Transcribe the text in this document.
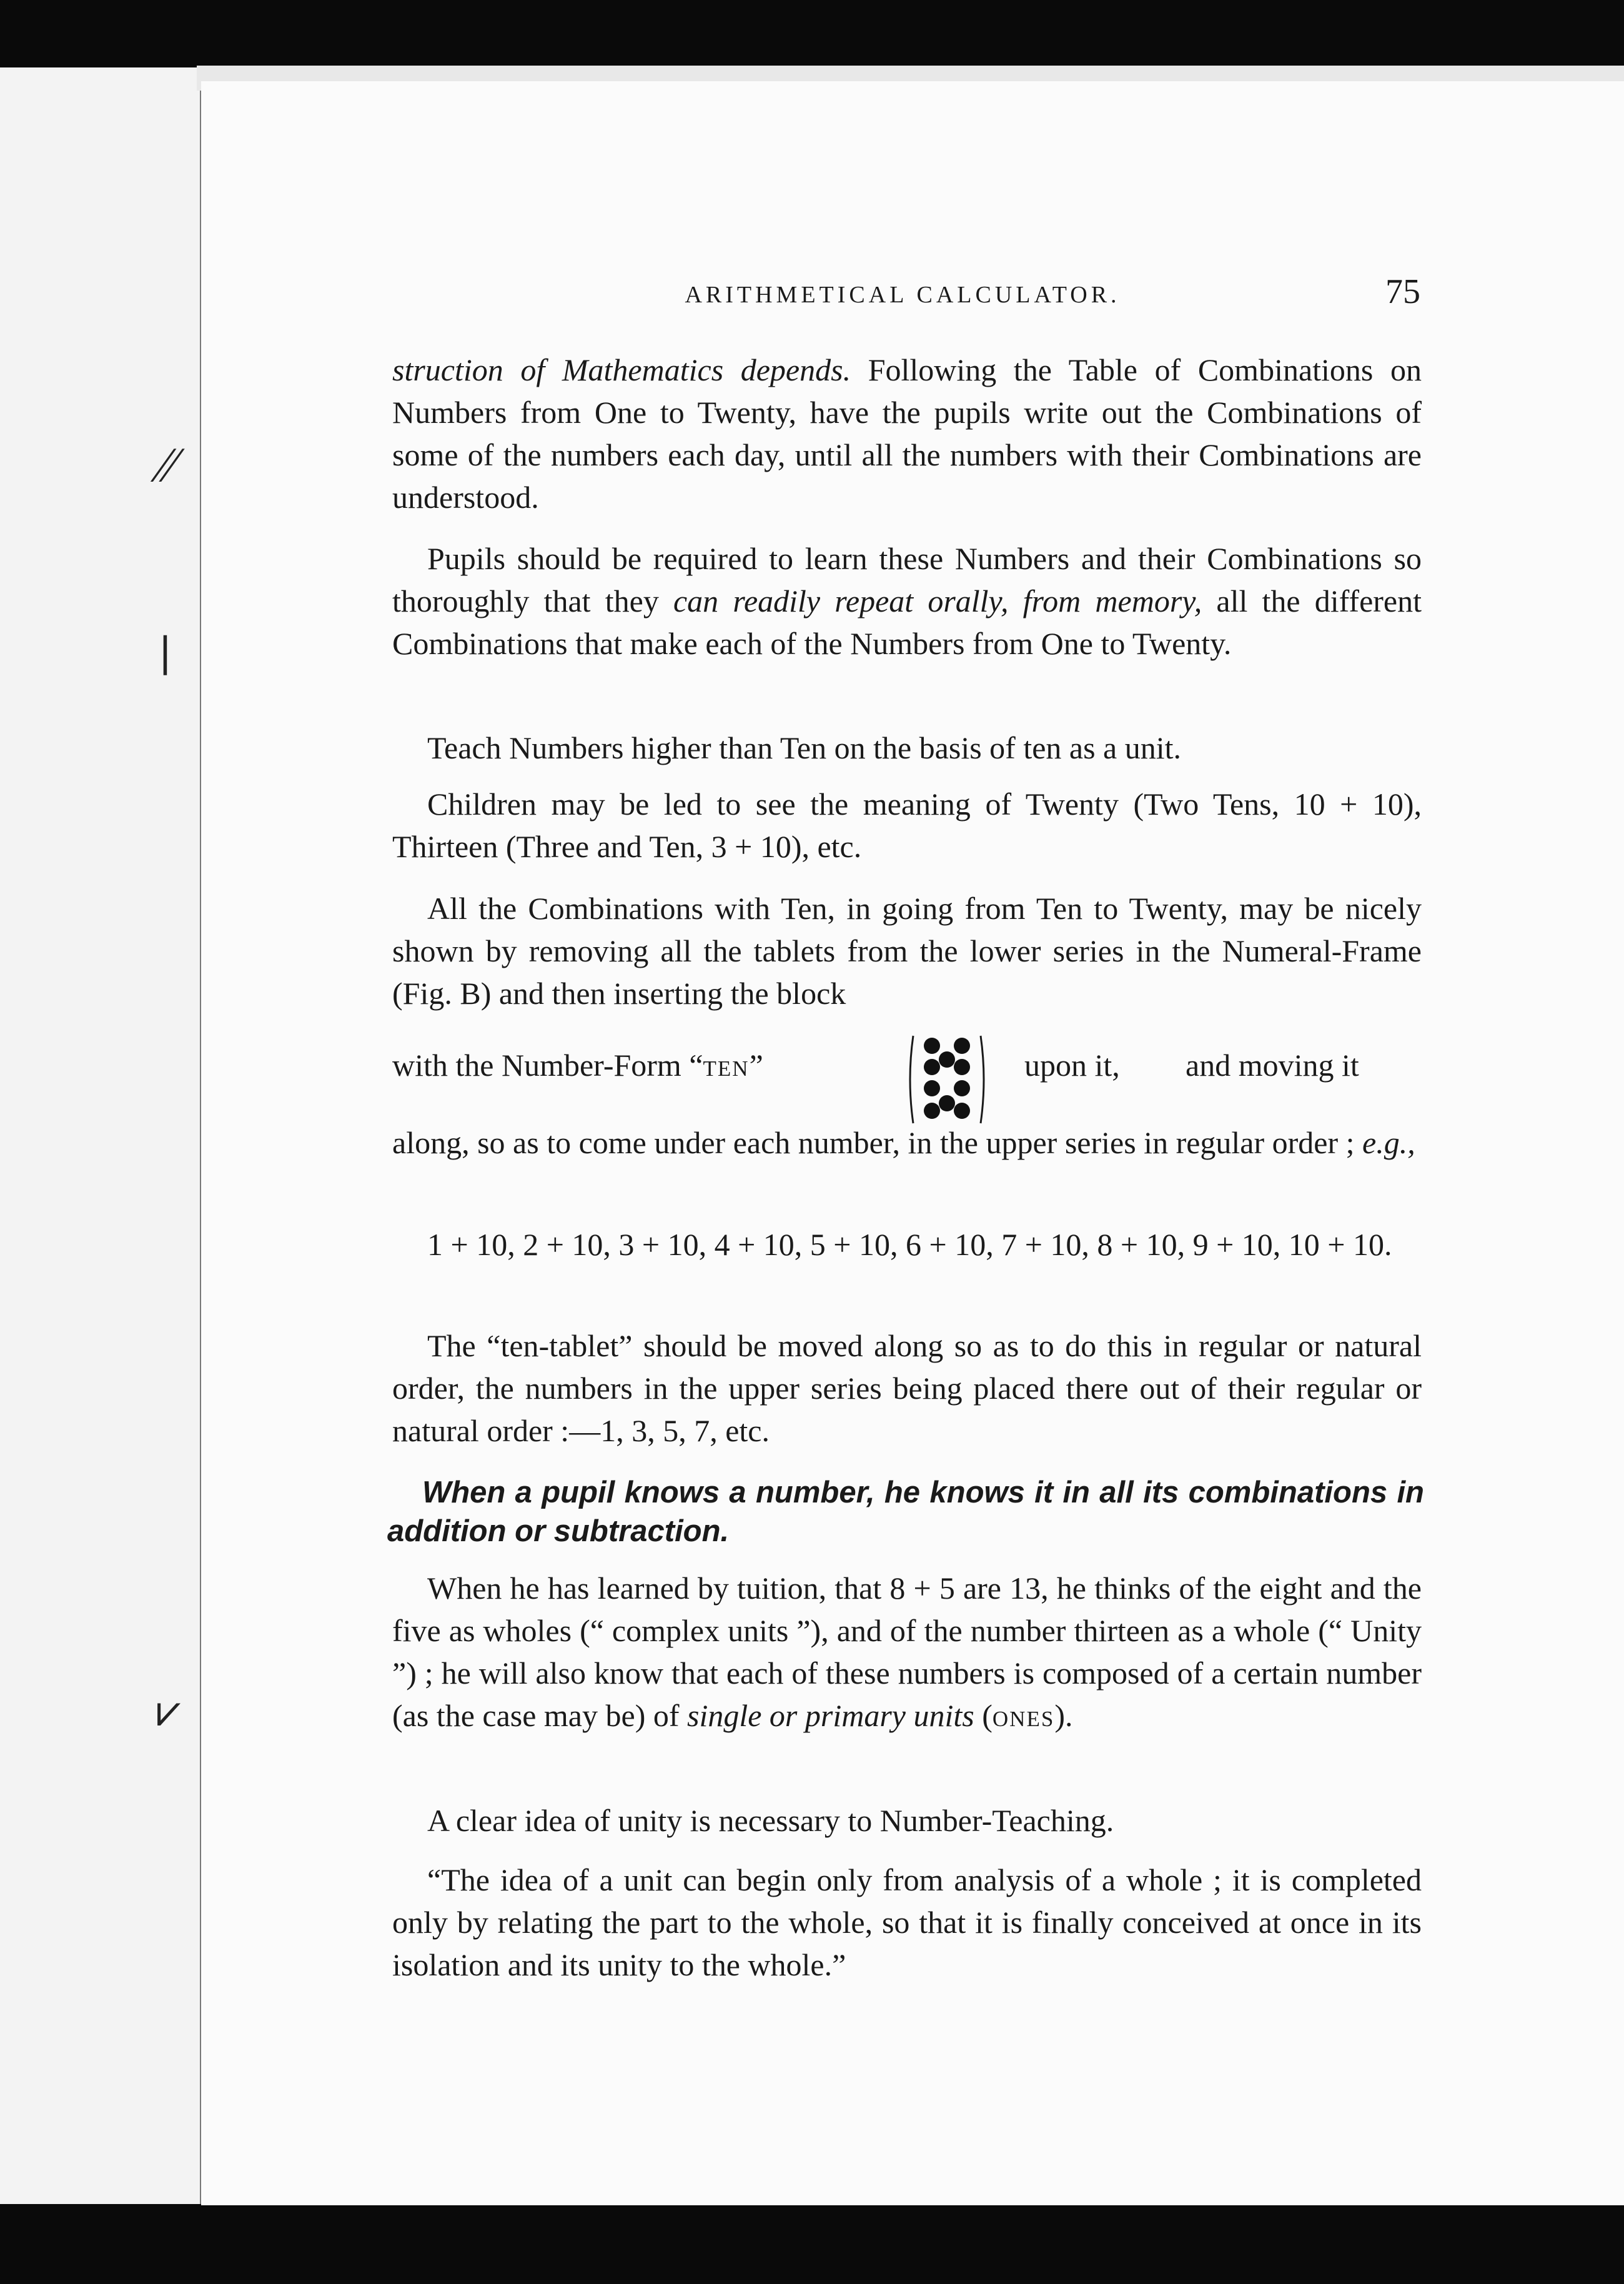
⁄⁄
⎸
⩗
ARITHMETICAL CALCULATOR.	75

struction of Mathematics depends. Following the Table of Combinations on Numbers from One to Twenty, have the pupils write out the Combinations of some of the numbers each day, until all the numbers with their Combinations are understood.

Pupils should be required to learn these Numbers and their Combinations so thoroughly that they can readily repeat orally, from memory, all the different Combinations that make each of the Numbers from One to Twenty.

Teach Numbers higher than Ten on the basis of ten as a unit.

Children may be led to see the meaning of Twenty (Two Tens, 10 + 10), Thirteen (Three and Ten, 3 + 10), etc.

All the Combinations with Ten, in going from Ten to Twenty, may be nicely shown by removing all the tablets from the lower series in the Numeral-Frame (Fig. B) and then inserting the block

with the Number-Form “ten”	upon it, and moving it

along, so as to come under each number, in the upper series in regular order ; e.g.,

1 + 10, 2 + 10, 3 + 10, 4 + 10, 5 + 10, 6 + 10, 7 + 10, 8 + 10, 9 + 10, 10 + 10.

The “ten-tablet” should be moved along so as to do this in regular or natural order, the numbers in the upper series being placed there out of their regular or natural order :—1, 3, 5, 7, etc.

When a pupil knows a number, he knows it in all its combinations in addition or subtraction.

When he has learned by tuition, that 8 + 5 are 13, he thinks of the eight and the five as wholes (“ complex units ”), and of the number thirteen as a whole (“ Unity ”) ; he will also know that each of these numbers is composed of a certain number (as the case may be) of single or primary units (ones).

A clear idea of unity is necessary to Number-Teaching.

“The idea of a unit can begin only from analysis of a whole ; it is completed only by relating the part to the whole, so that it is finally conceived at once in its isolation and its unity to the whole.”
